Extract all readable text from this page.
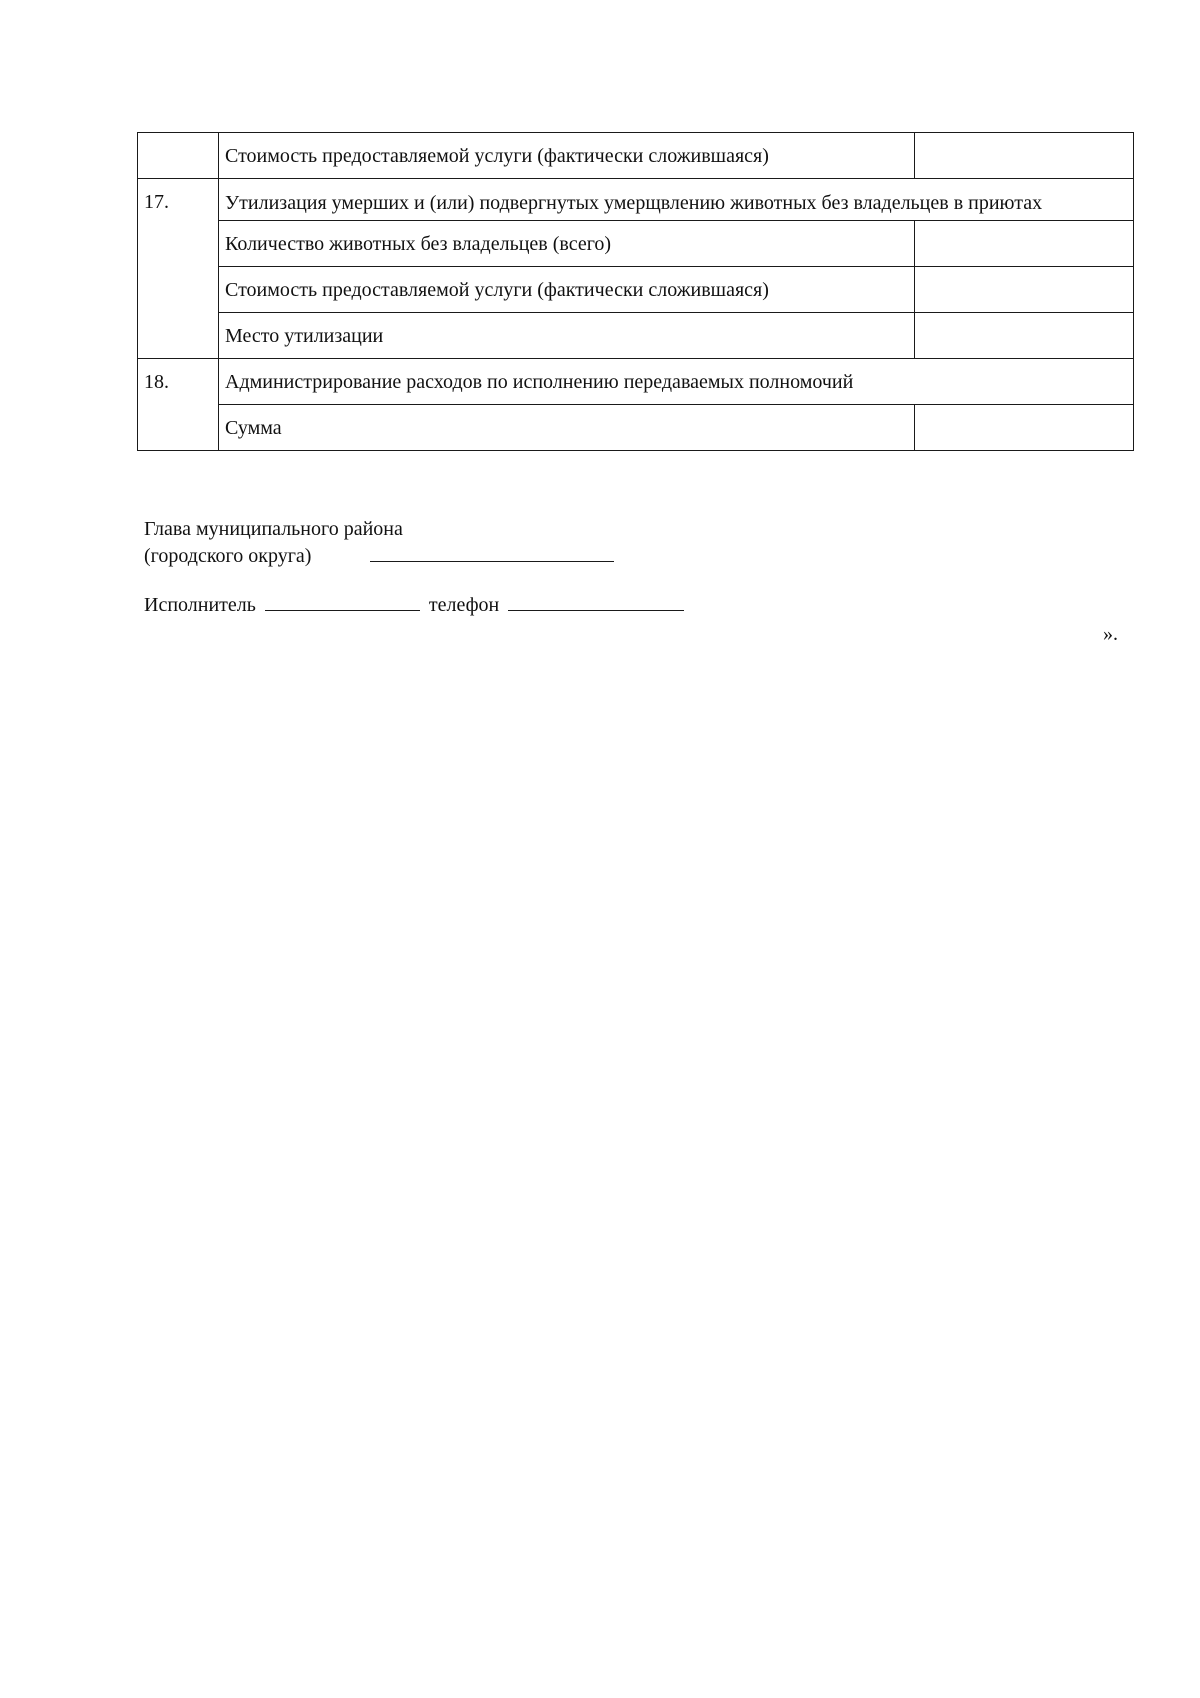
	Стоимость предоставляемой услуги (фактически сложившаяся)	
17.	Утилизация умерших и (или) подвергнутых умерщвлению животных без владельцев в приютах	
	Количество животных без владельцев (всего)	
	Стоимость предоставляемой услуги (фактически сложившаяся)	
	Место утилизации	
18.	Администрирование расходов по исполнению передаваемых полномочий	
	Сумма	
Глава муниципального района
(городского округа)
Исполнитель	телефон
».
